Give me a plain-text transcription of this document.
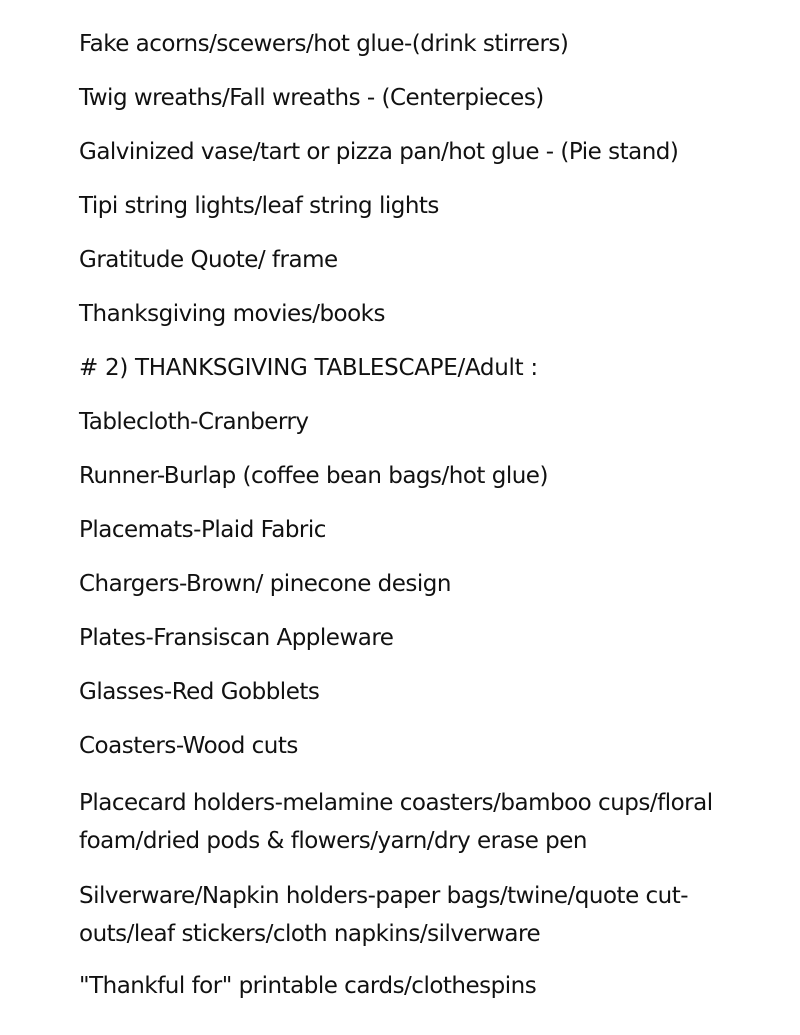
Fake acorns/scewers/hot glue-(drink stirrers)
Twig wreaths/Fall wreaths - (Centerpieces)
Galvinized vase/tart or pizza pan/hot glue - (Pie stand)
Tipi string lights/leaf string lights
Gratitude Quote/ frame
Thanksgiving movies/books
# 2) THANKSGIVING TABLESCAPE/Adult :
Tablecloth-Cranberry
Runner-Burlap (coffee bean bags/hot glue)
Placemats-Plaid Fabric
Chargers-Brown/ pinecone design
Plates-Fransiscan Appleware
Glasses-Red Gobblets
Coasters-Wood cuts
Placecard holders-melamine coasters/bamboo cups/floral foam/dried pods & flowers/yarn/dry erase pen
Silverware/Napkin holders-paper bags/twine/quote cut-outs/leaf stickers/cloth napkins/silverware
"Thankful for" printable cards/clothespins
